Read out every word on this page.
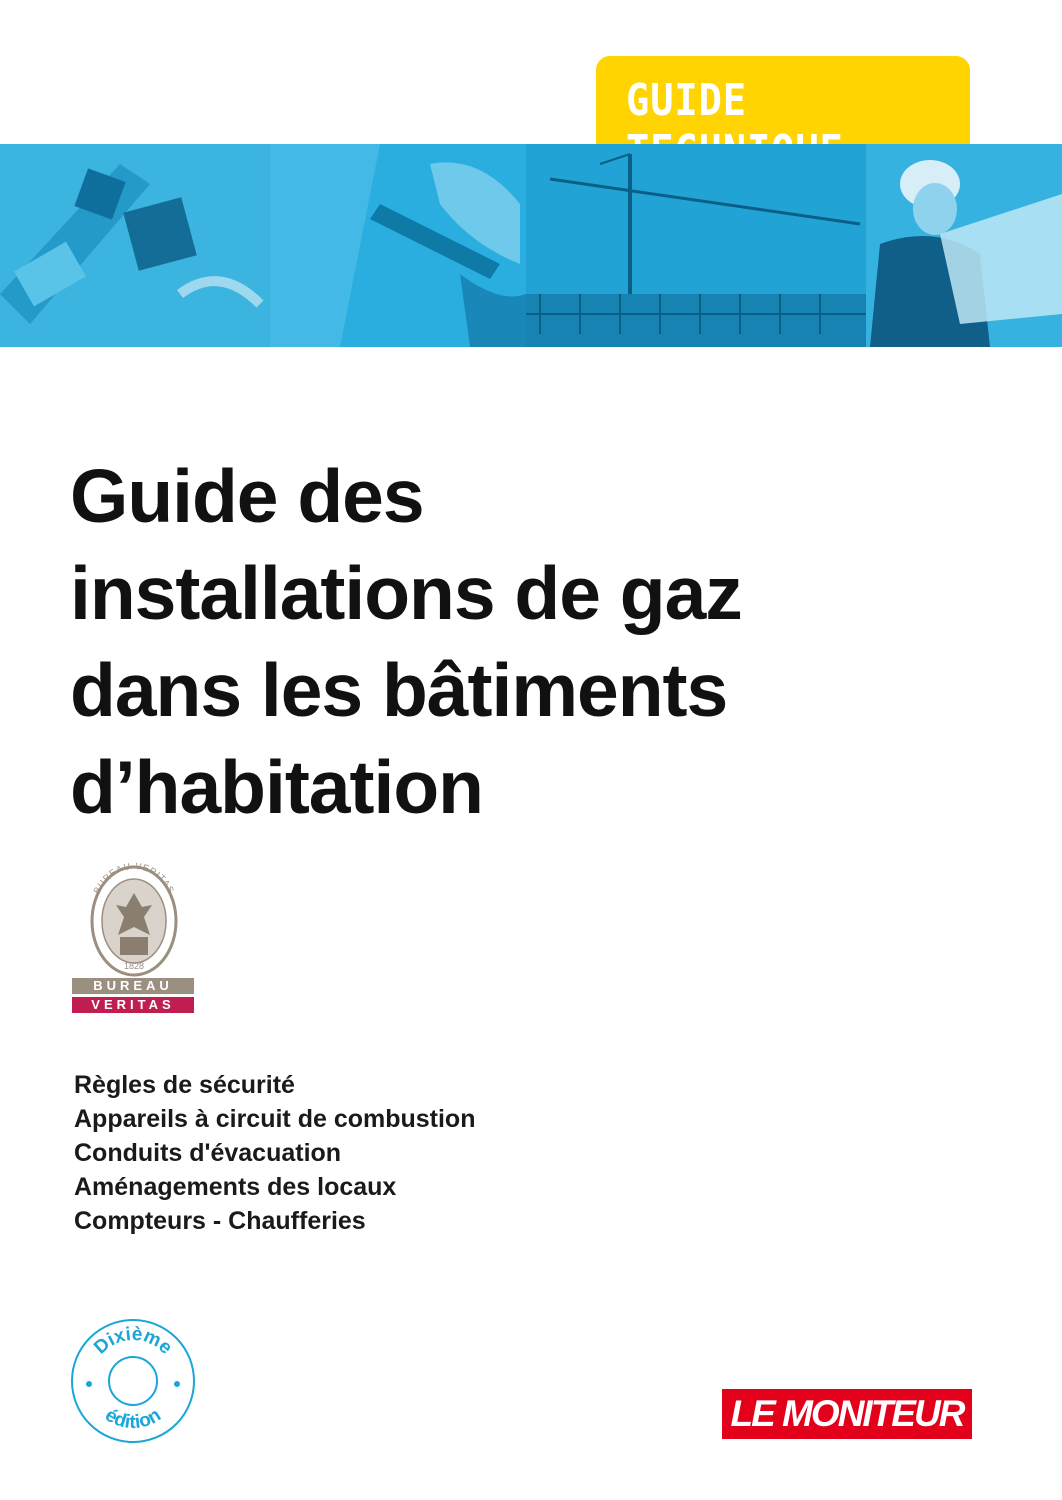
GUIDE
Guide des
installations de gaz
dans les bâtiments
d’habitation
BUREAU VERITAS
1828
BUREAU
VERITAS
Règles de sécurité
Appareils à circuit de combustion
Conduits d'évacuation
Aménagements des locaux
Compteurs - Chaufferies
Dixième
édition	LE MONITEUR
